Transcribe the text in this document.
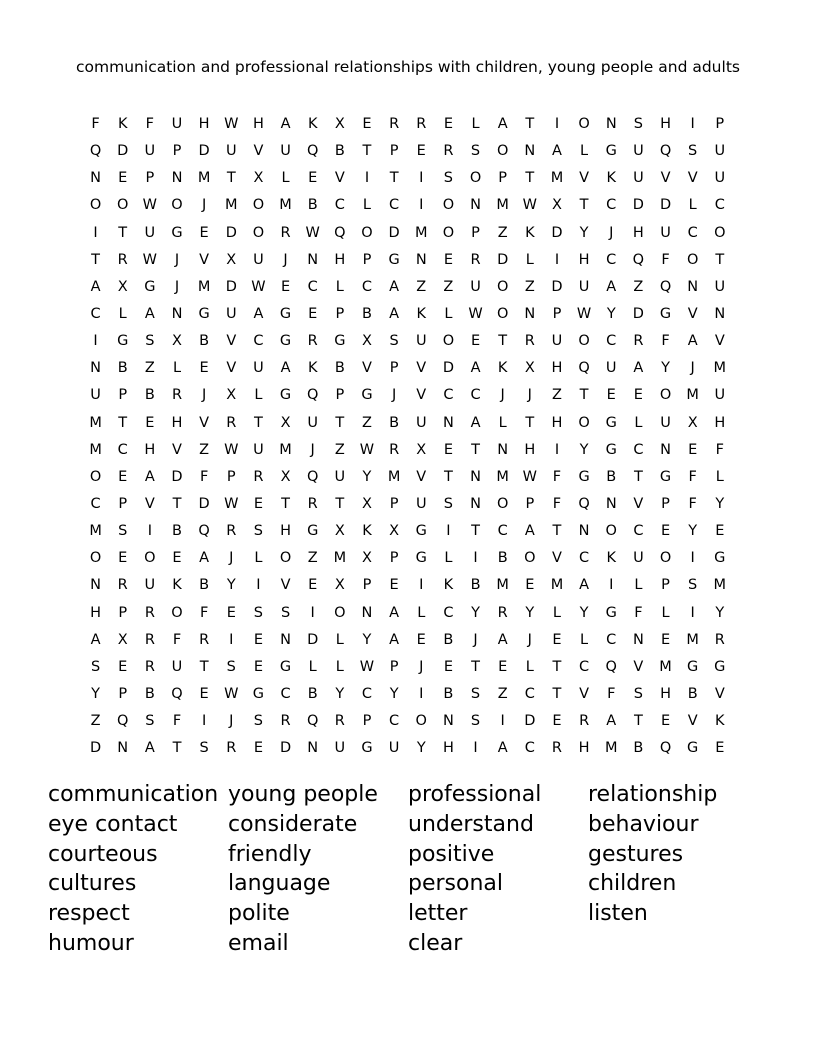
communication and professional relationships with children, young people and adults
F K F U H W H A K X E R R E L A T I O N S H I P
Q D U P D U V U Q B T P E R S O N A L G U Q S U
N E P N M T X L E V I T I S O P T M V K U V V U
O O W O J M O M B C L C I O N M W X T C D D L C
I T U G E D O R W Q O D M O P Z K D Y J H U C O
T R W J V X U J N H P G N E R D L I H C Q F O T
A X G J M D W E C L C A Z Z U O Z D U A Z Q N U
C L A N G U A G E P B A K L W O N P W Y D G V N
I G S X B V C G R G X S U O E T R U O C R F A V
N B Z L E V U A K B V P V D A K X H Q U A Y J M
U P B R J X L G Q P G J V C C J J Z T E E O M U
M T E H V R T X U T Z B U N A L T H O G L U X H
M C H V Z W U M J Z W R X E T N H I Y G C N E F
O E A D F P R X Q U Y M V T N M W F G B T G F L
C P V T D W E T R T X P U S N O P F Q N V P F Y
M S I B Q R S H G X K X G I T C A T N O C E Y E
O E O E A J L O Z M X P G L I B O V C K U O I G
N R U K B Y I V E X P E I K B M E M A I L P S M
H P R O F E S S I O N A L C Y R Y L Y G F L I Y
A X R F R I E N D L Y A E B J A J E L C N E M R
S E R U T S E G L L W P J E T E L T C Q V M G G
Y P B Q E W G C B Y C Y I B S Z C T V F S H B V
Z Q S F I J S R Q R P C O N S I D E R A T E V K
D N A T S R E D N U G U Y H I A C R H M B Q G E
communication
eye contact
courteous
cultures
respect
humour
young people
considerate
friendly
language
polite
email
professional
understand
positive
personal
letter
clear
relationship
behaviour
gestures
children
listen
